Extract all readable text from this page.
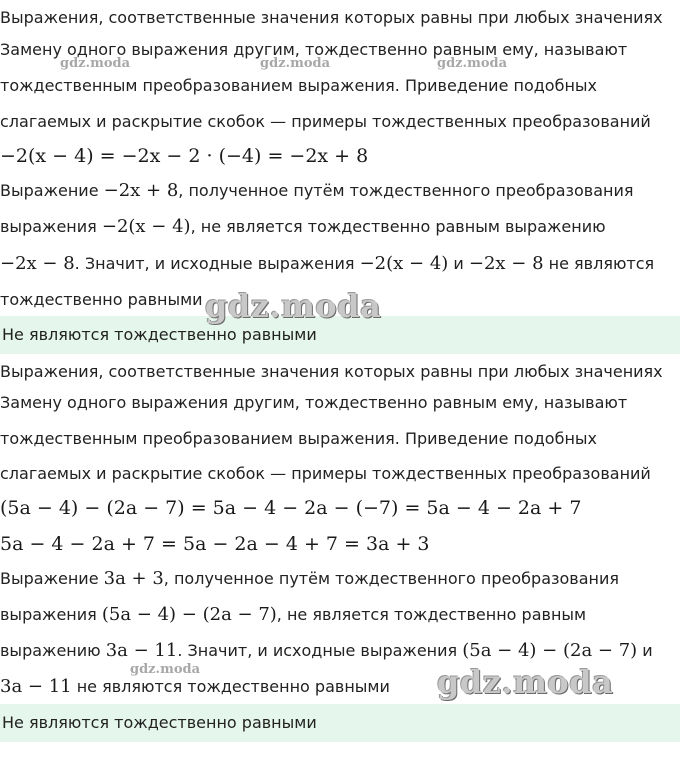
Выражения, соответственные значения которых равны при любых значениях
Замену одного выражения другим, тождественно равным ему, называют
тождественным преобразованием выражения. Приведение подобных
слагаемых и раскрытие скобок — примеры тождественных преобразований
−2(x − 4) = −2x − 2 · (−4) = −2x + 8
Выражение −2x + 8, полученное путём тождественного преобразования
выражения −2(x − 4), не является тождественно равным выражению
−2x − 8. Значит, и исходные выражения −2(x − 4) и −2x − 8 не являются
тождественно равными
Не являются тождественно равными
Выражения, соответственные значения которых равны при любых значениях
Замену одного выражения другим, тождественно равным ему, называют
тождественным преобразованием выражения. Приведение подобных
слагаемых и раскрытие скобок — примеры тождественных преобразований
(5a − 4) − (2a − 7) = 5a − 4 − 2a − (−7) = 5a − 4 − 2a + 7
5a − 4 − 2a + 7 = 5a − 2a − 4 + 7 = 3a + 3
Выражение 3a + 3, полученное путём тождественного преобразования
выражения (5a − 4) − (2a − 7), не является тождественно равным
выражению 3a − 11. Значит, и исходные выражения (5a − 4) − (2a − 7) и
3a − 11 не являются тождественно равными
Не являются тождественно равными
gdz.moda	gdz.moda	gdz.moda
gdz.moda
gdz.moda	gdz.moda
